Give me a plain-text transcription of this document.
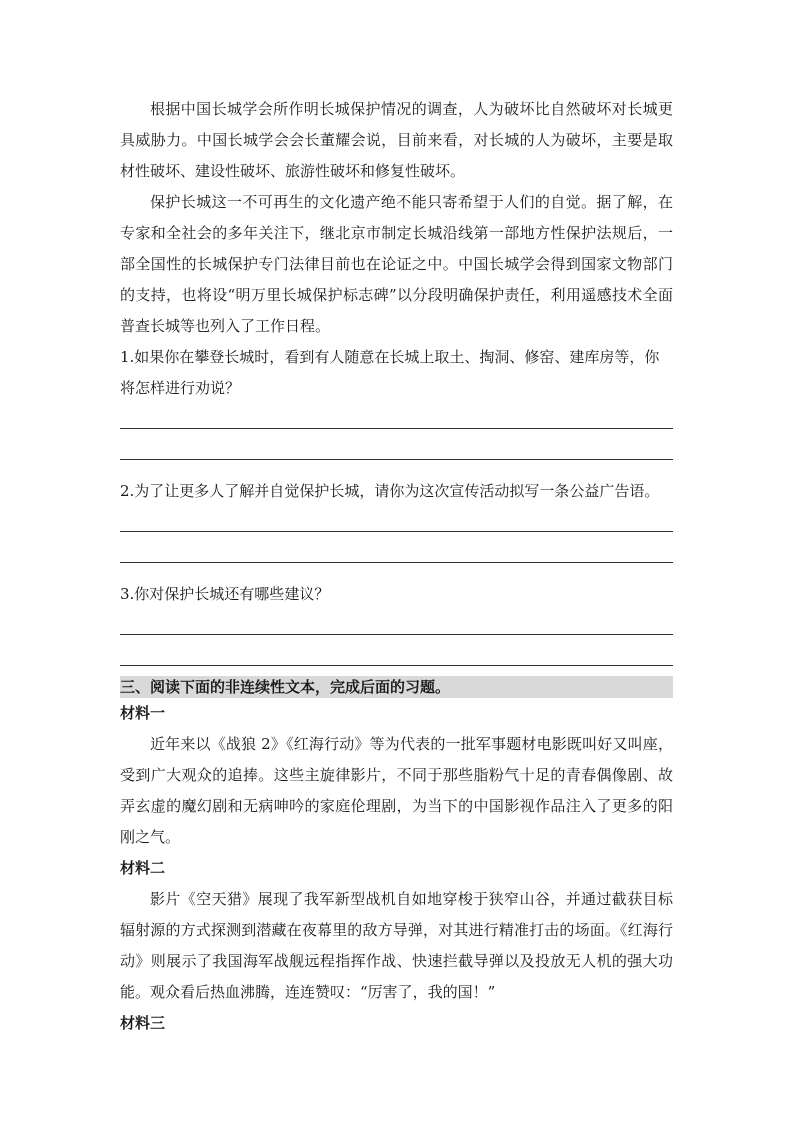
根据中国长城学会所作明长城保护情况的调查，人为破坏比自然破坏对长城更具威胁力。中国长城学会会长董耀会说，目前来看，对长城的人为破坏，主要是取材性破坏、建设性破坏、旅游性破坏和修复性破坏。

保护长城这一不可再生的文化遗产绝不能只寄希望于人们的自觉。据了解，在专家和全社会的多年关注下，继北京市制定长城沿线第一部地方性保护法规后，一部全国性的长城保护专门法律目前也在论证之中。中国长城学会得到国家文物部门的支持，也将设“明万里长城保护标志碑”以分段明确保护责任，利用遥感技术全面普查长城等也列入了工作日程。

1.如果你在攀登长城时，看到有人随意在长城上取土、掏洞、修窑、建库房等，你将怎样进行劝说？

2.为了让更多人了解并自觉保护长城，请你为这次宣传活动拟写一条公益广告语。

3.你对保护长城还有哪些建议？

三、阅读下面的非连续性文本，完成后面的习题。

材料一

近年来以《战狼 2》《红海行动》等为代表的一批军事题材电影既叫好又叫座，受到广大观众的追捧。这些主旋律影片，不同于那些脂粉气十足的青春偶像剧、故弄玄虚的魔幻剧和无病呻吟的家庭伦理剧，为当下的中国影视作品注入了更多的阳刚之气。

材料二

影片《空天猎》展现了我军新型战机自如地穿梭于狭窄山谷，并通过截获目标辐射源的方式探测到潜藏在夜幕里的敌方导弹，对其进行精准打击的场面。《红海行动》则展示了我国海军战舰远程指挥作战、快速拦截导弹以及投放无人机的强大功能。观众看后热血沸腾，连连赞叹：“厉害了，我的国！”

材料三
